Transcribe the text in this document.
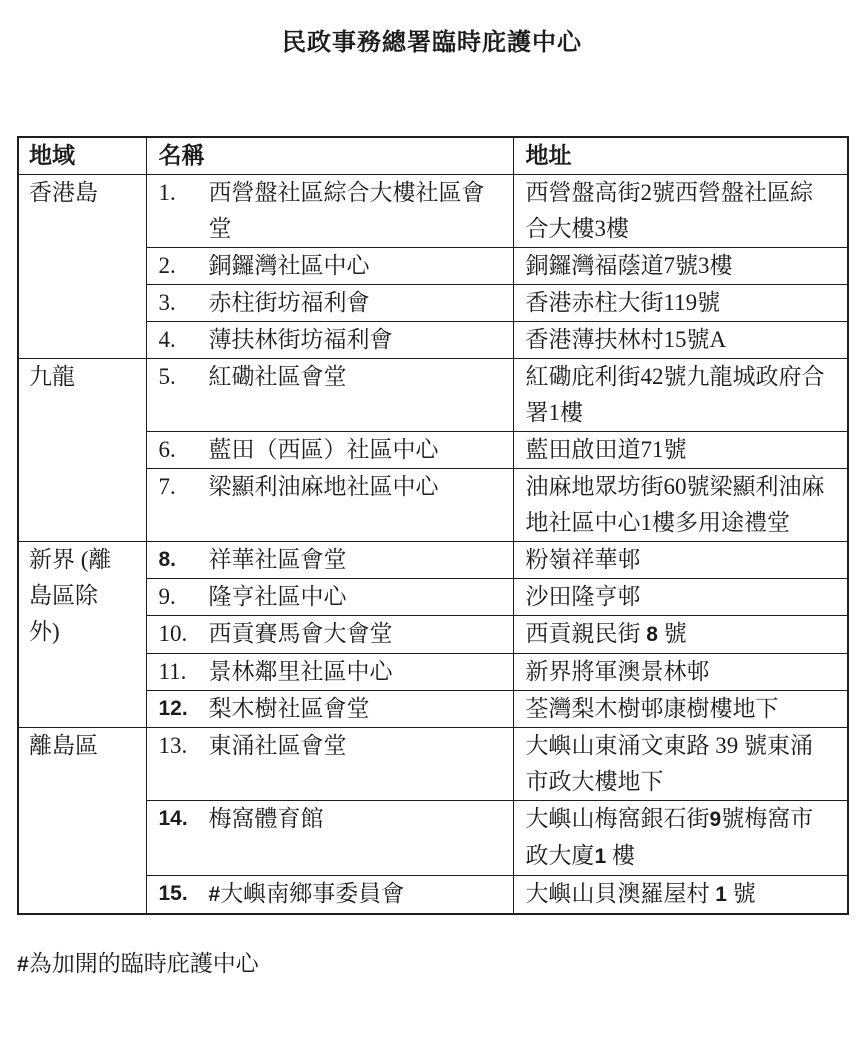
民政事務總署臨時庇護中心
地域	名稱	地址
香港島	1. 西營盤社區綜合大樓社區會堂	西營盤高街2號西營盤社區綜合大樓3樓

	2. 銅鑼灣社區中心	銅鑼灣福蔭道7號3樓

	3. 赤柱街坊福利會	香港赤柱大街119號

	4. 薄扶林街坊福利會	香港薄扶林村15號A
九龍	5. 紅磡社區會堂	紅磡庇利街42號九龍城政府合署1樓

	6. 藍田（西區）社區中心	藍田啟田道71號

	7. 梁顯利油麻地社區中心	油麻地眾坊街60號梁顯利油麻地社區中心1樓多用途禮堂
新界 (離島區除外)	8. 祥華社區會堂	粉嶺祥華邨

	9. 隆亨社區中心	沙田隆亨邨

	10. 西貢賽馬會大會堂	西貢親民街 8 號

	11. 景林鄰里社區中心	新界將軍澳景林邨

	12. 梨木樹社區會堂	荃灣梨木樹邨康樹樓地下
離島區	13. 東涌社區會堂	大嶼山東涌文東路 39 號東涌市政大樓地下

	14. 梅窩體育館	大嶼山梅窩銀石街9號梅窩市政大廈1 樓

	15. #大嶼南鄉事委員會	大嶼山貝澳羅屋村 1 號

#為加開的臨時庇護中心
